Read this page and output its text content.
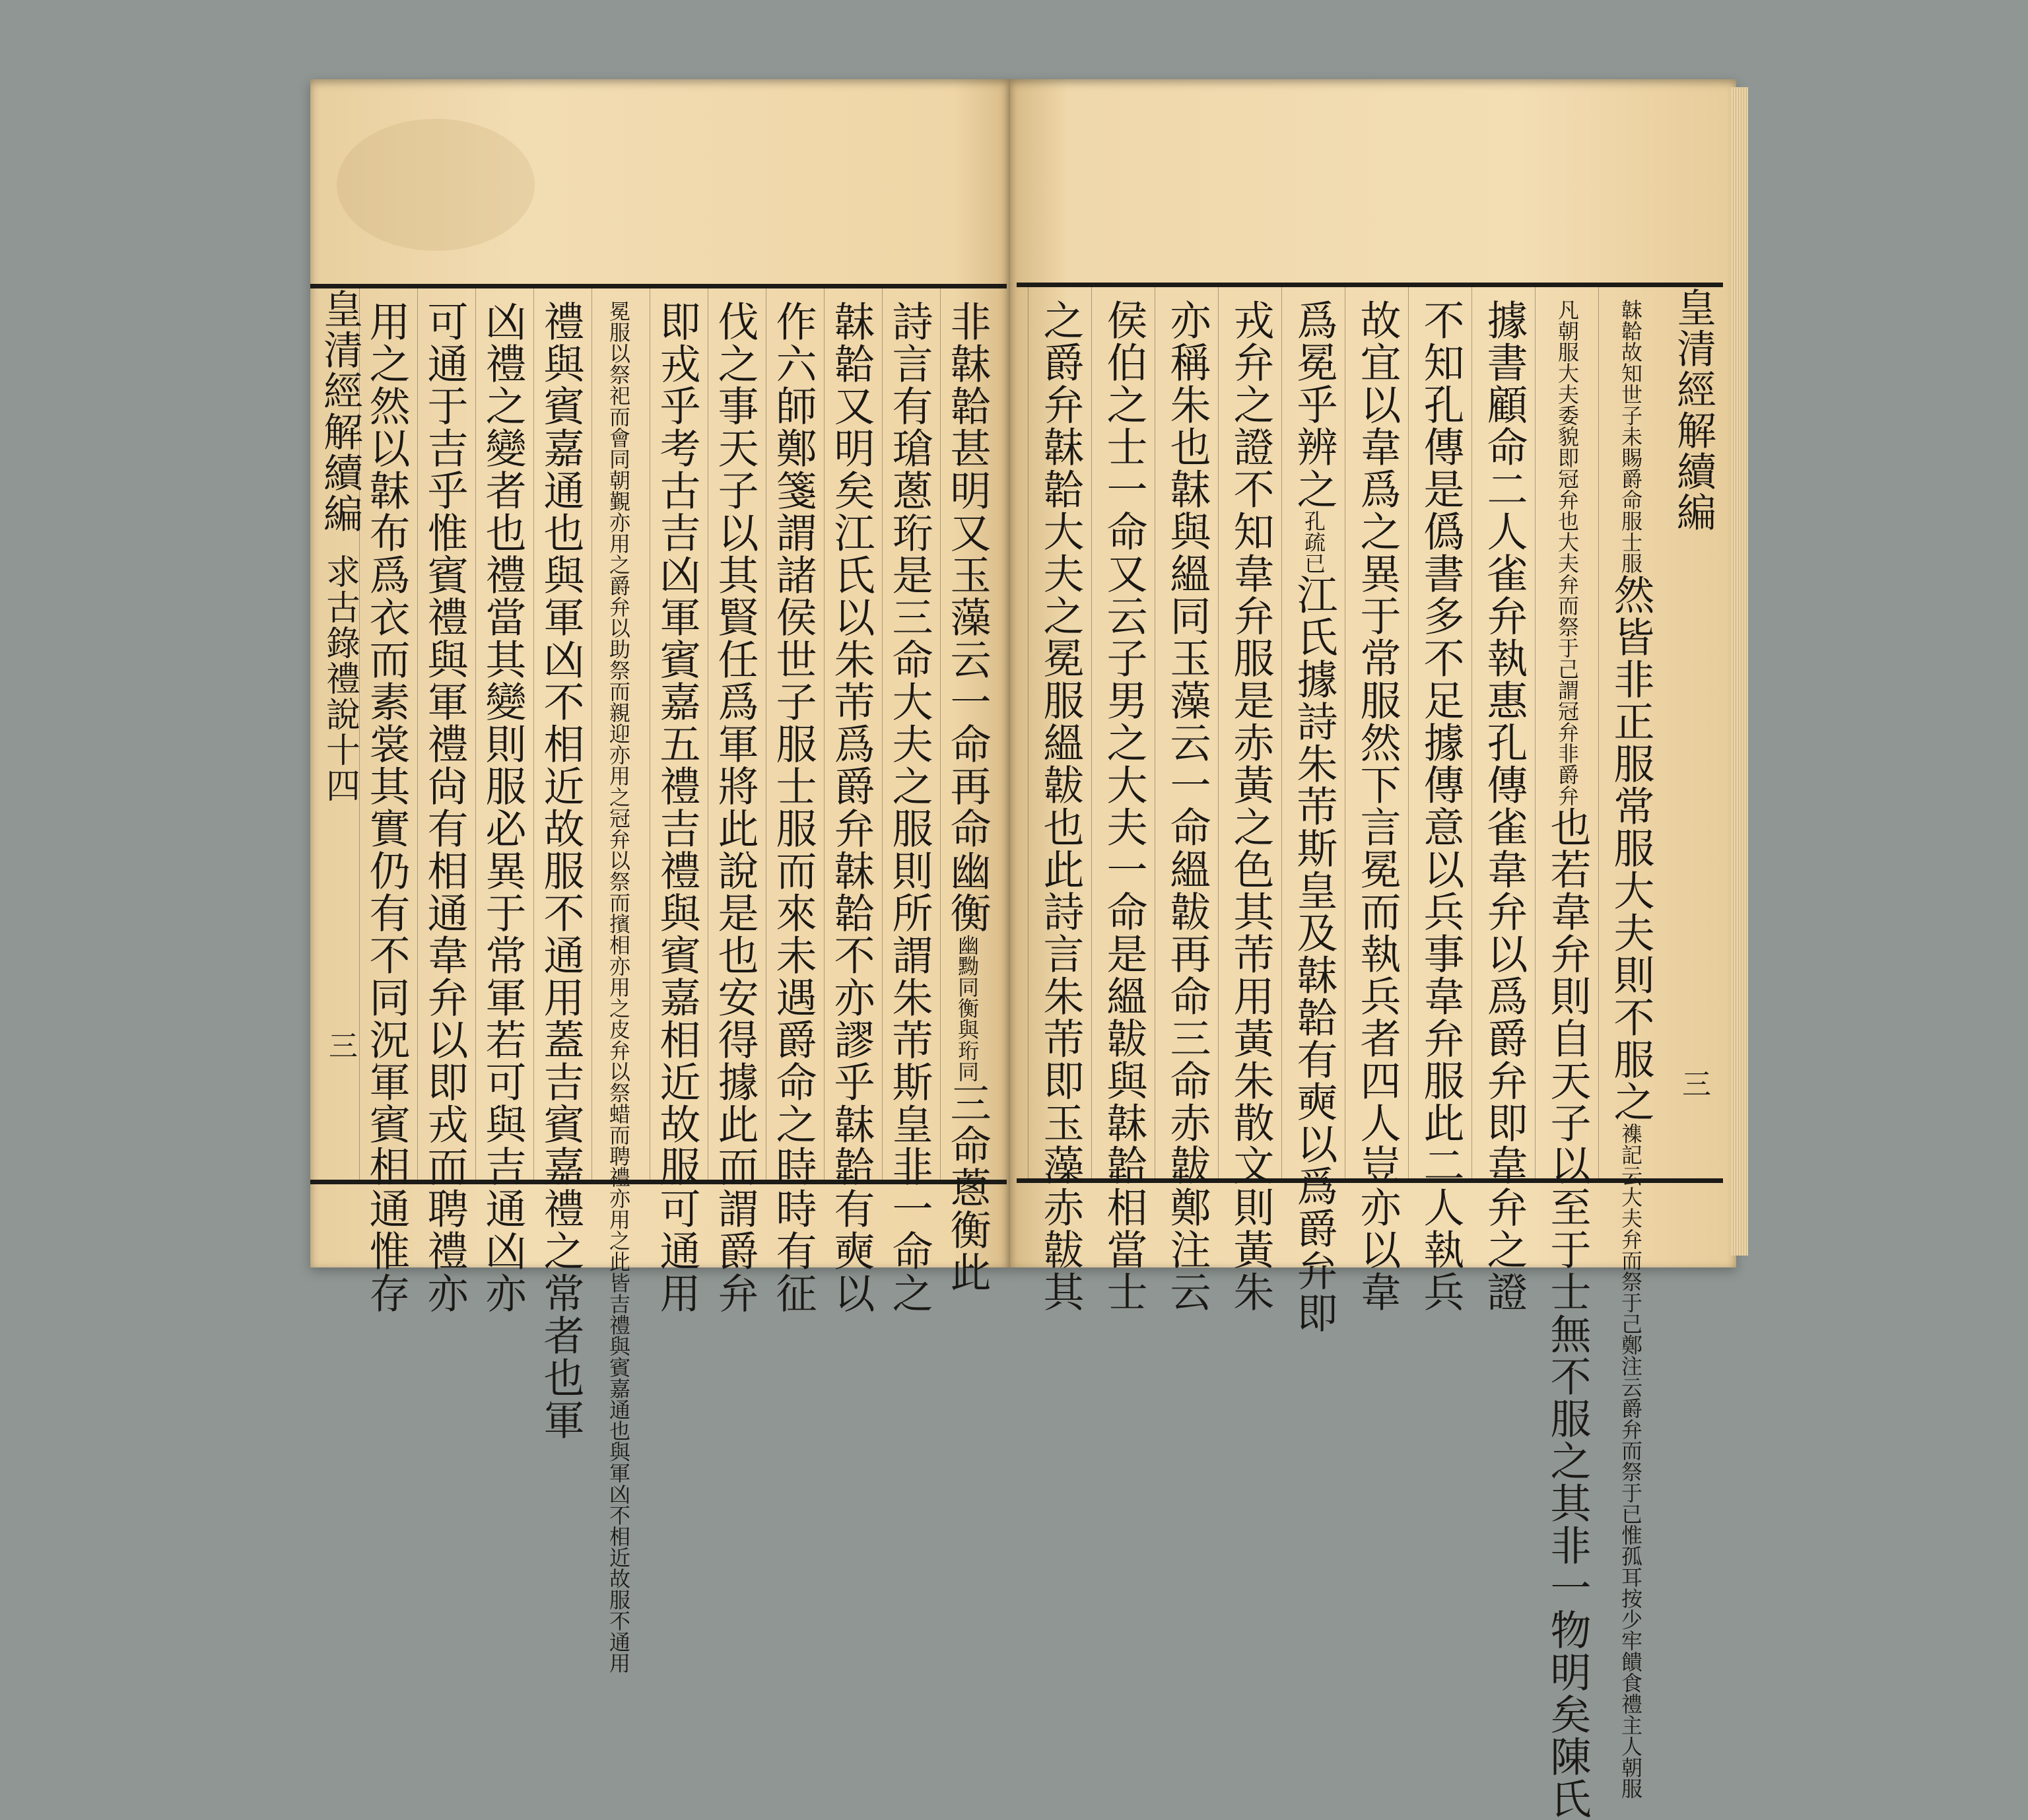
皇清經解續編
求古錄禮說十四
三
非韎韐甚明又玉藻云一命再命幽衡
幽黝同衡與珩同
三命蔥衡此
詩言有瑲蔥珩是三命大夫之服則所謂朱芾斯皇非一命之
韎韐又明矣江氏以朱芾爲爵弁韎韐不亦謬乎韎韐有奭以
作六師鄭箋謂諸侯世子服士服而來未遇爵命之時時有征
伐之事天子以其賢任爲軍將此說是也安得據此而謂爵弁
即戎乎考古吉凶軍賓嘉五禮吉禮與賓嘉相近故服可通用
冕服以祭祀而會同朝覲亦用之爵弁以助祭而親迎亦用之冠弁以祭而擯相亦用之皮弁以祭蜡而聘禮亦用之此皆吉禮與賓嘉通也與軍凶不相近故服不通用
禮與賓嘉通也與軍凶不相近故服不通用蓋吉賓嘉禮之常者也軍
凶禮之變者也禮當其變則服必異于常軍若可與吉通凶亦
可通于吉乎惟賓禮與軍禮尙有相通韋弁以即戎而聘禮亦
用之然以韎布爲衣而素裳其實仍有不同況軍賓相通惟存	皇清經解續編
三
韎韐故知世子未賜爵命服士服
然皆非正服常服大夫則不服之
襍記云大夫弁而祭于己鄭注云爵弁而祭于已惟孤耳按少牢饋食禮主人朝服
凡朝服大夫委貌即冠弁也大夫弁而祭于己謂冠弁非爵弁
也若韋弁則自天子以至于士無不服之其非一物明矣陳氏
據書顧命二人雀弁執惠孔傳雀韋弁以爲爵弁即韋弁之證
不知孔傳是僞書多不足據傳意以兵事韋弁服此二人執兵
故宜以韋爲之異于常服然下言冕而執兵者四人豈亦以韋
爲冕乎辨之
孔疏已
江氏據詩朱芾斯皇及韎韐有奭以爲爵弁即
戎弁之證不知韋弁服是赤黃之色其芾用黃朱散文則黃朱
亦稱朱也韎與縕同玉藻云一命縕韍再命三命赤韍鄭注云
侯伯之士一命又云子男之大夫一命是縕韍與韎韐相當士
之爵弁韎韐大夫之冕服縕韍也此詩言朱芾即玉藻赤韍其
